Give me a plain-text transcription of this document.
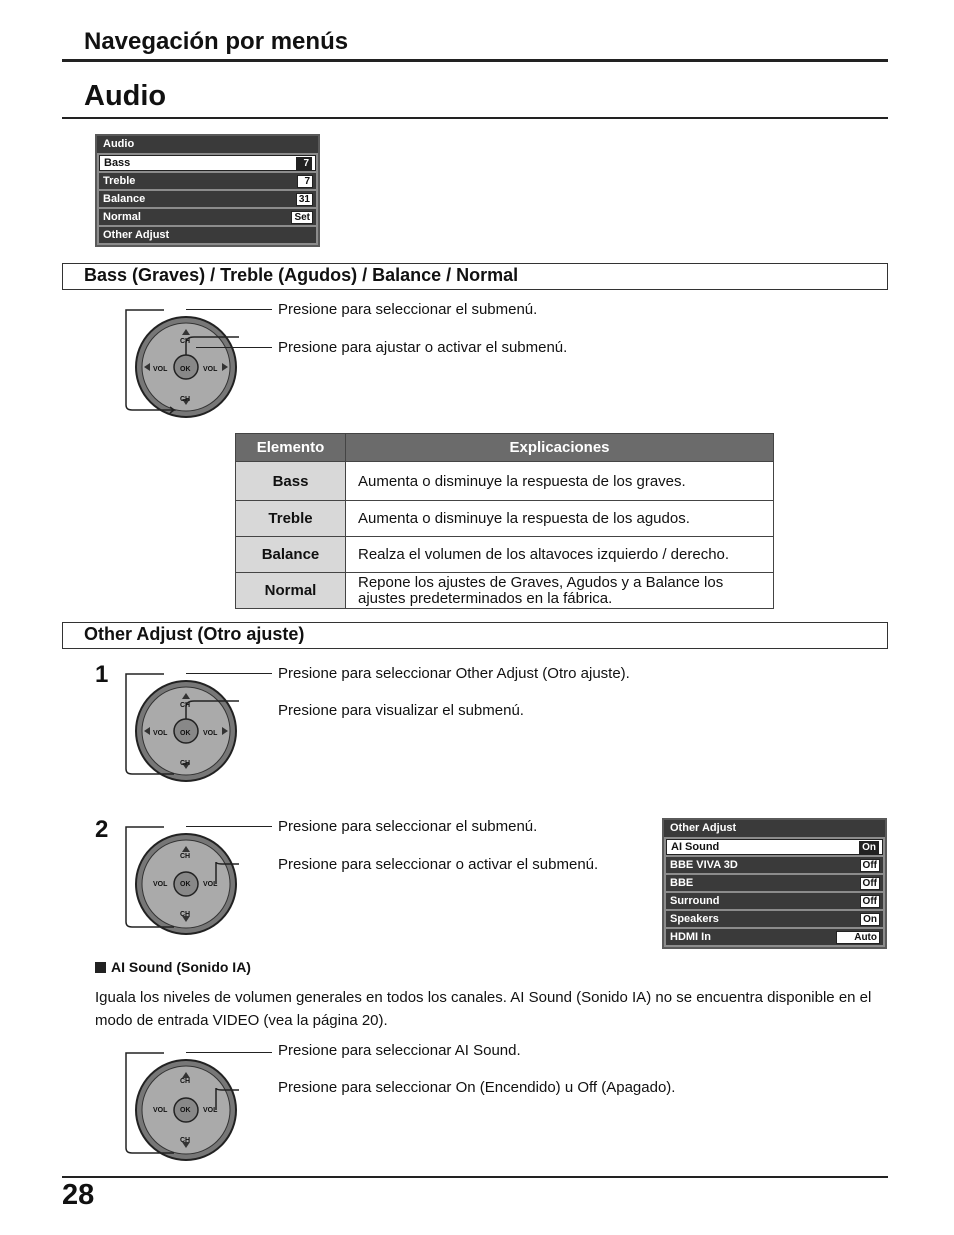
Navegación por menús
Audio
Audio
Bass	7
Treble	7
Balance	31
Normal	Set
Other Adjust
Bass (Graves) / Treble (Agudos) / Balance / Normal
CH
CH
VOL	VOL
OK
Presione para seleccionar el submenú.
Presione para ajustar o activar el submenú.
Elemento	Explicaciones
Bass	Aumenta o disminuye la respuesta de los graves.
Treble	Aumenta o disminuye la respuesta de los agudos.
Balance	Realza el volumen de los altavoces izquierdo / derecho.
Normal	Repone los ajustes de Graves, Agudos y a Balance los ajustes predeterminados en la fábrica.
Other Adjust (Otro ajuste)
1
CH
CH
VOL	VOL
OK
Presione para seleccionar Other Adjust (Otro ajuste).
Presione para visualizar el submenú.
2
CH
CH
VOL	VOL
OK
Presione para seleccionar el submenú.
Presione para seleccionar o activar el submenú.
Other Adjust
AI Sound	On
BBE VIVA 3D	Off
BBE	Off
Surround	Off
Speakers	On
HDMI In	Auto
AI Sound (Sonido IA)
Iguala los niveles de volumen generales en todos los canales. AI Sound (Sonido IA) no se encuentra disponible en el modo de entrada VIDEO (vea la página 20).
CH
CH
VOL	VOL
OK
Presione para seleccionar AI Sound.
Presione para seleccionar On (Encendido) u Off (Apagado).
28
